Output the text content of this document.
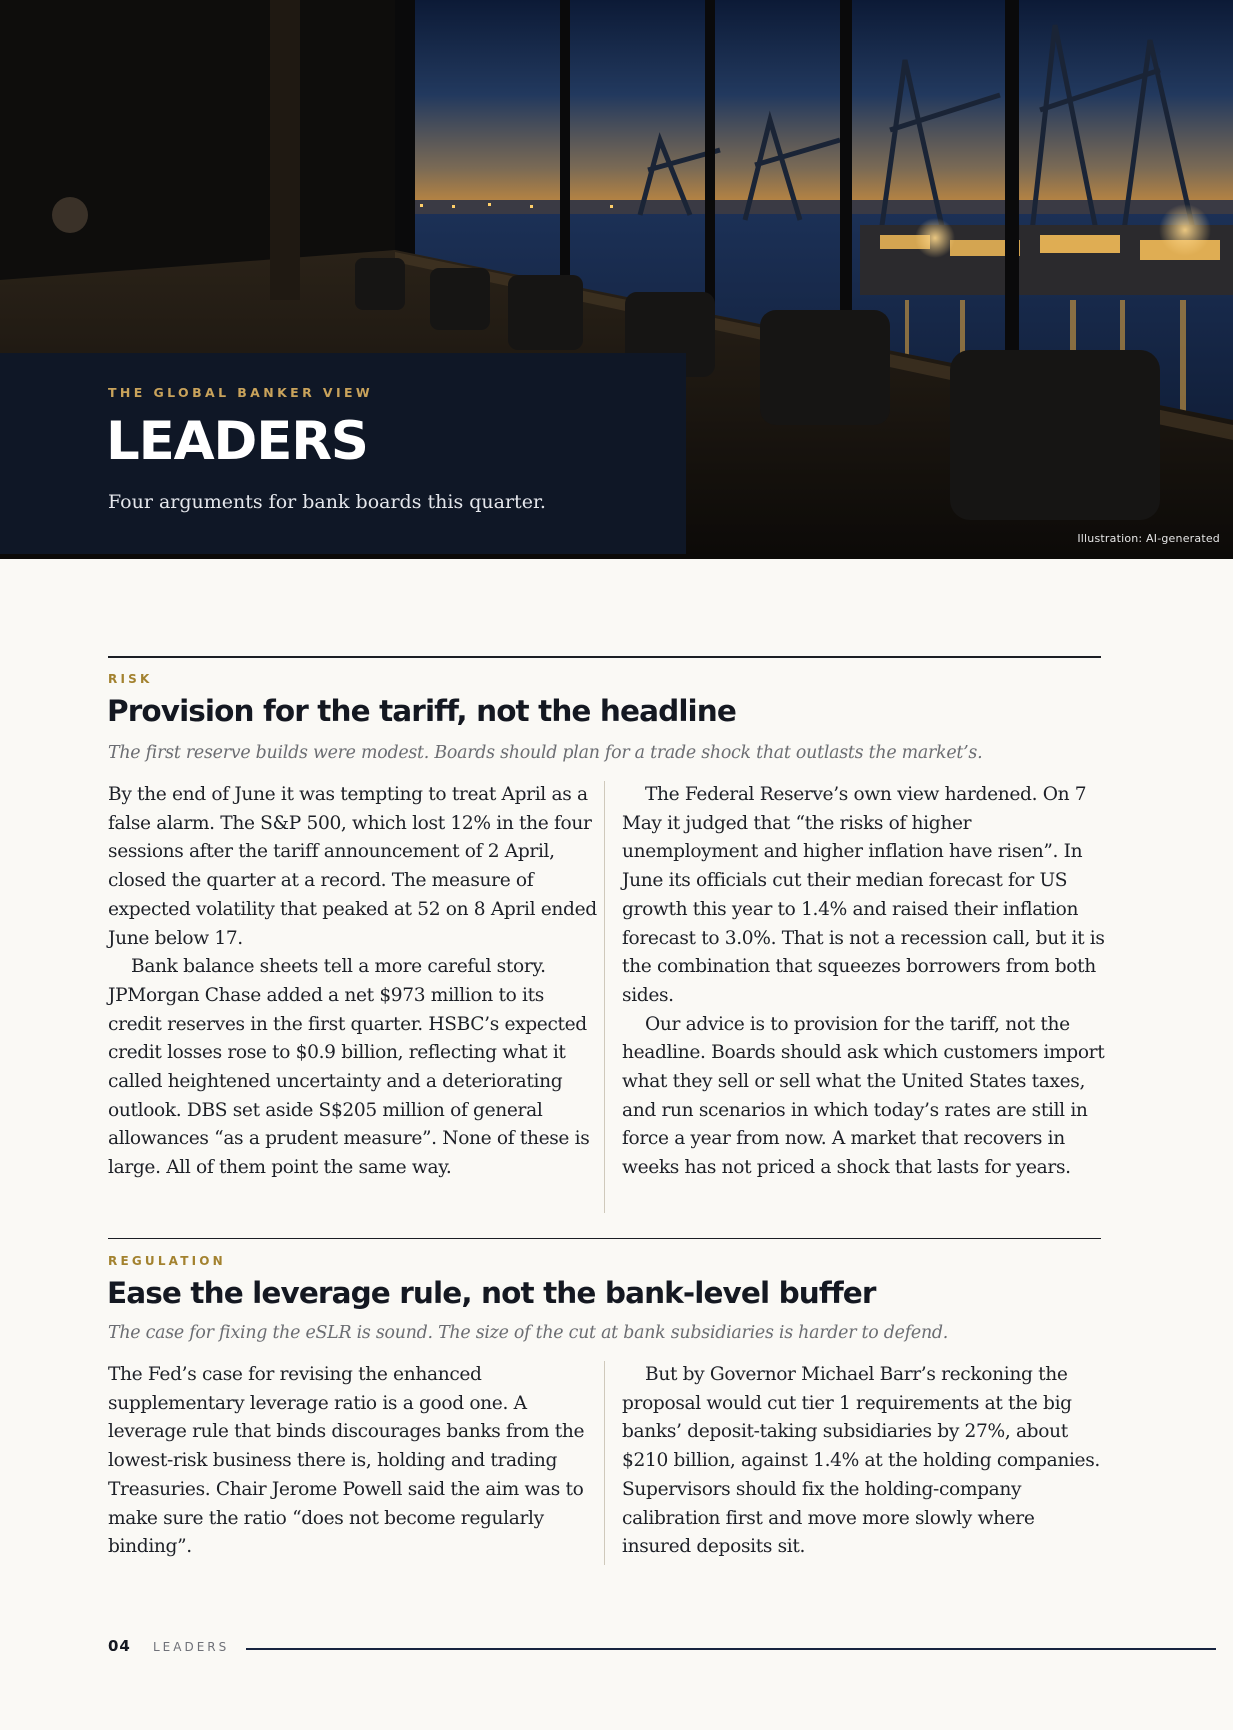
Illustration: AI-generated
THE GLOBAL BANKER VIEW
LEADERS
Four arguments for bank boards this quarter.
RISK
Provision for the tariff, not the headline
The first reserve builds were modest. Boards should plan for a trade shock that outlasts the market’s.

By the end of June it was tempting to treat April as a false alarm. The S&P 500, which lost 12% in the four sessions after the tariff announcement of 2 April, closed the quarter at a record. The measure of expected volatility that peaked at 52 on 8 April ended June below 17.

Bank balance sheets tell a more careful story. JPMorgan Chase added a net $973 million to its credit reserves in the first quarter. HSBC’s expected credit losses rose to $0.9 billion, reflecting what it called heightened uncertainty and a deteriorating outlook. DBS set aside S$205 million of general allowances “as a prudent measure”. None of these is large. All of them point the same way.

The Federal Reserve’s own view hardened. On 7 May it judged that “the risks of higher unemployment and higher inflation have risen”. In June its officials cut their median forecast for US growth this year to 1.4% and raised their inflation forecast to 3.0%. That is not a recession call, but it is the combination that squeezes borrowers from both sides.

Our advice is to provision for the tariff, not the headline. Boards should ask which customers import what they sell or sell what the United States taxes, and run scenarios in which today’s rates are still in force a year from now. A market that recovers in weeks has not priced a shock that lasts for years.

REGULATION
Ease the leverage rule, not the bank-level buffer
The case for fixing the eSLR is sound. The size of the cut at bank subsidiaries is harder to defend.

The Fed’s case for revising the enhanced supplementary leverage ratio is a good one. A leverage rule that binds discourages banks from the lowest-risk business there is, holding and trading Treasuries. Chair Jerome Powell said the aim was to make sure the ratio “does not become regularly binding”.

But by Governor Michael Barr’s reckoning the proposal would cut tier 1 requirements at the big banks’ deposit-taking subsidiaries by 27%, about $210 billion, against 1.4% at the holding companies. Supervisors should fix the holding-company calibration first and move more slowly where insured deposits sit.

04 LEADERS
